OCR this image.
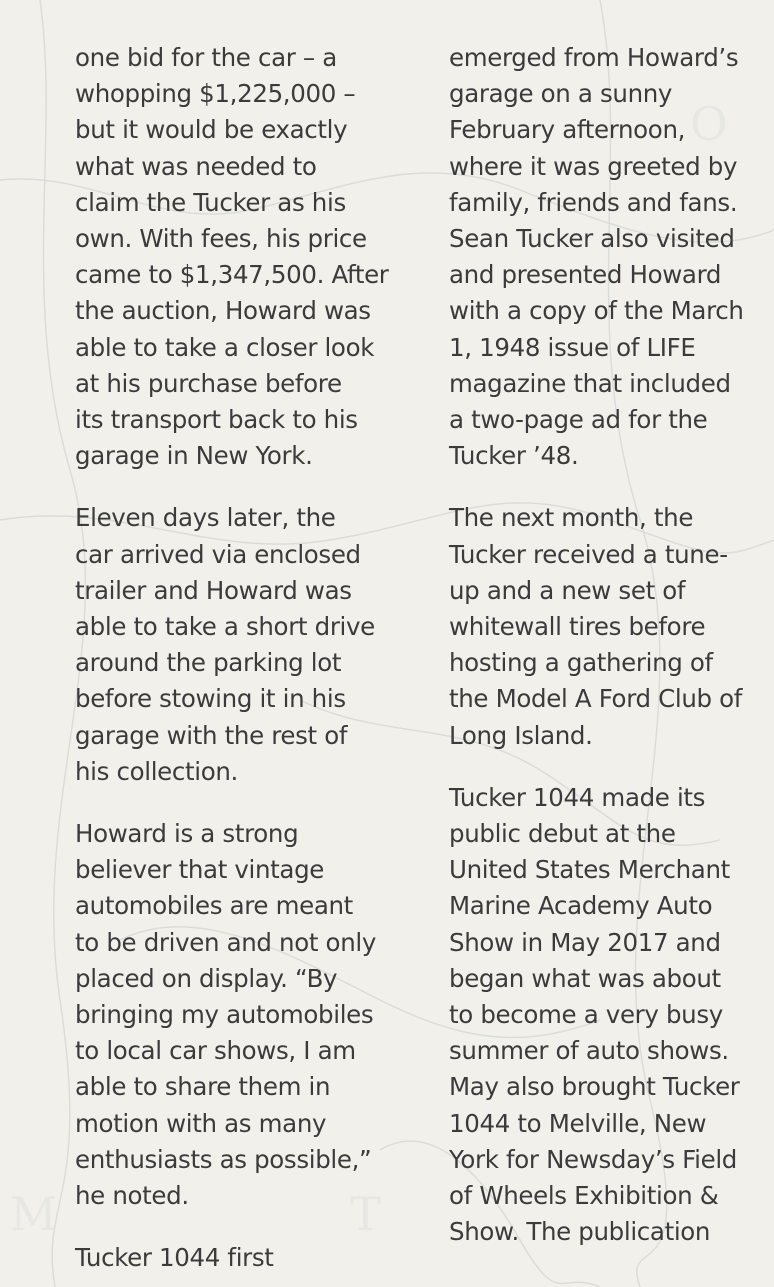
M
O
T

one bid for the car – a
whopping $1,225,000 –
but it would be exactly
what was needed to
claim the Tucker as his
own. With fees, his price
came to $1,347,500. After
the auction, Howard was
able to take a closer look
at his purchase before
its transport back to his
garage in New York.

Eleven days later, the
car arrived via enclosed
trailer and Howard was
able to take a short drive
around the parking lot
before stowing it in his
garage with the rest of
his collection.

Howard is a strong
believer that vintage
automobiles are meant
to be driven and not only
placed on display. “By
bringing my automobiles
to local car shows, I am
able to share them in
motion with as many
enthusiasts as possible,”
he noted.

Tucker 1044 first

emerged from Howard’s
garage on a sunny
February afternoon,
where it was greeted by
family, friends and fans.
Sean Tucker also visited
and presented Howard
with a copy of the March
1, 1948 issue of LIFE
magazine that included
a two-page ad for the
Tucker ’48.

The next month, the
Tucker received a tune-
up and a new set of
whitewall tires before
hosting a gathering of
the Model A Ford Club of
Long Island.

Tucker 1044 made its
public debut at the
United States Merchant
Marine Academy Auto
Show in May 2017 and
began what was about
to become a very busy
summer of auto shows.
May also brought Tucker
1044 to Melville, New
York for Newsday’s Field
of Wheels Exhibition &
Show. The publication
